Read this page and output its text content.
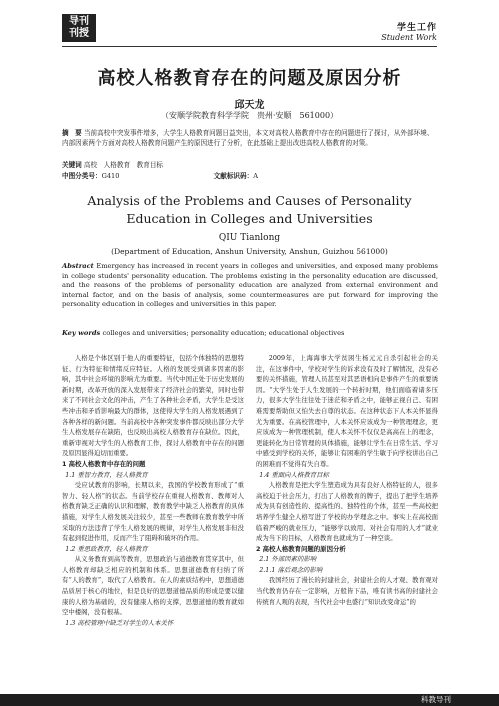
导刊
刊授	学生工作
Student Work
高校人格教育存在的问题及原因分析
邱天龙
（安顺学院教育科学学院　贵州·安顺　561000）
摘　要 当前高校中突发事件增多，大学生人格教育问题日益突出，本文对高校人格教育中存在的问题进行了探讨，从外部环境、内部因素两个方面对高校人格教育问题产生的原因进行了分析，在此基础上提出改进高校人格教育的对策。
关键词 高校　人格教育　教育目标
中图分类号：G410	文献标识码：A
Analysis of the Problems and Causes of Personality
Education in Colleges and Universities
QIU Tianlong
(Department of Education, Anshun University, Anshun, Guizhou 561000)
Abstract Emergency has increased in recent years in colleges and universities, and exposed many problems in college students' personality education. The problems existing in the personality education are discussed, and the reasons of the problems of personality education are analyzed from external environment and internal factor, and on the basis of analysis, some countermeasures are put forward for improving the personality education in colleges and universities in this paper.
Key words colleges and universities; personality education; educational objectives

人格是个体区别于他人的重要特征，包括个体独特的思想特征、行为特征和情绪反应特征。人格的发展受到诸多因素的影响，其中社会环境的影响尤为重要。当代中国正处于历史发展的新时期，改革开放的深入发展带来了经济社会的繁荣，同时也带来了不同社会文化的冲击，产生了各种社会矛盾，大学生是受这些冲击和矛盾影响最大的群体，这使得大学生的人格发展遇到了各种各样的新问题。当前高校中各种突发事件都反映出部分大学生人格发展存在缺陷，也反映出高校人格教育存在缺位。因此，重新审视对大学生的人格教育工作，探讨人格教育中存在的问题及原因显得迫切而重要。

1 高校人格教育中存在的问题

1.1 重智力教育，轻人格教育

受应试教育的影响，长期以来，我国的学校教育形成了“重智力、轻人格”的状态。当前学校存在重视人格教育、教师对人格教育缺乏正确的认识和理解，教育教学中缺乏人格教育的具体措施，对学生人格发展关注较少，甚至一些教师在教育教学中所采取的方法违背了学生人格发展的规律，对学生人格发展非但没有起到促进作用，反而产生了阻碍和破坏的作用。

1.2 重思政教育，轻人格教育

从义务教育到高等教育，思想政治与道德教育贯穿其中，但人格教育却缺乏相应的机制和体系。思想道德教育归纳了所有“人的教育”，取代了人格教育。在人的素质结构中，思想道德品质居于核心的地位，但是良好的思想道德品质的形成是要以健康的人格为基础的，没有健康人格的支撑，思想道德的教育就如空中楼阁，没有根基。

1.3 高校管理中缺乏对学生的人本关怀

2009年，上海海事大学贫困生杨元元自杀引起社会的关注，在这事件中，学校对学生的诉求没有及时了解情况，没有必要的关怀措施，管理人员甚至对其恶语相向是事件产生的重要诱因。“大学生处于人生发展的一个转折时期，他们面临着诸多压力，很多大学生往往处于迷茫和矛盾之中，能够正视自己、有困难需要帮助但又怕失去自尊的状态。在这种状态下人本关怀显得尤为重要。在高校管理中，人本关怀应该成为一种管理理念，更应该成为一种管理机制，使人本关怀不仅仅是高高在上的理念，更能转化为日常管理的具体措施，能够让学生在日常生活、学习中感受到学校的关怀，能够让有困难的学生敏于向学校讲出自己的困难而不觉得有失自尊。

1.4 重面向人格教育目标

人格教育是把大学生塑造成为具有良好人格特征的人，很多高校迫于社会压力，打出了人格教育的牌子，提出了把学生培养成为具有创造性的、提高性的、独特性的个体，甚至一些高校把培养学生健全人格写进了学校的办学理念之中。事实上在高校面临着严峻的就业压力，“能够学以致用、对社会有用的人才”就业成为当下的目标，人格教育也就成为了一种空谈。

2 高校人格教育问题的原因分析

2.1 外部因素的影响

2.1.1 落后观念的影响

我国经历了漫长的封建社会，封建社会的人才观、教育观对当代教育仍存在一定影响，万般皆下品，唯有读书高的封建社会传统育人观的表现，当代社会中也盛行“知识改变命运”的

科教导刊
